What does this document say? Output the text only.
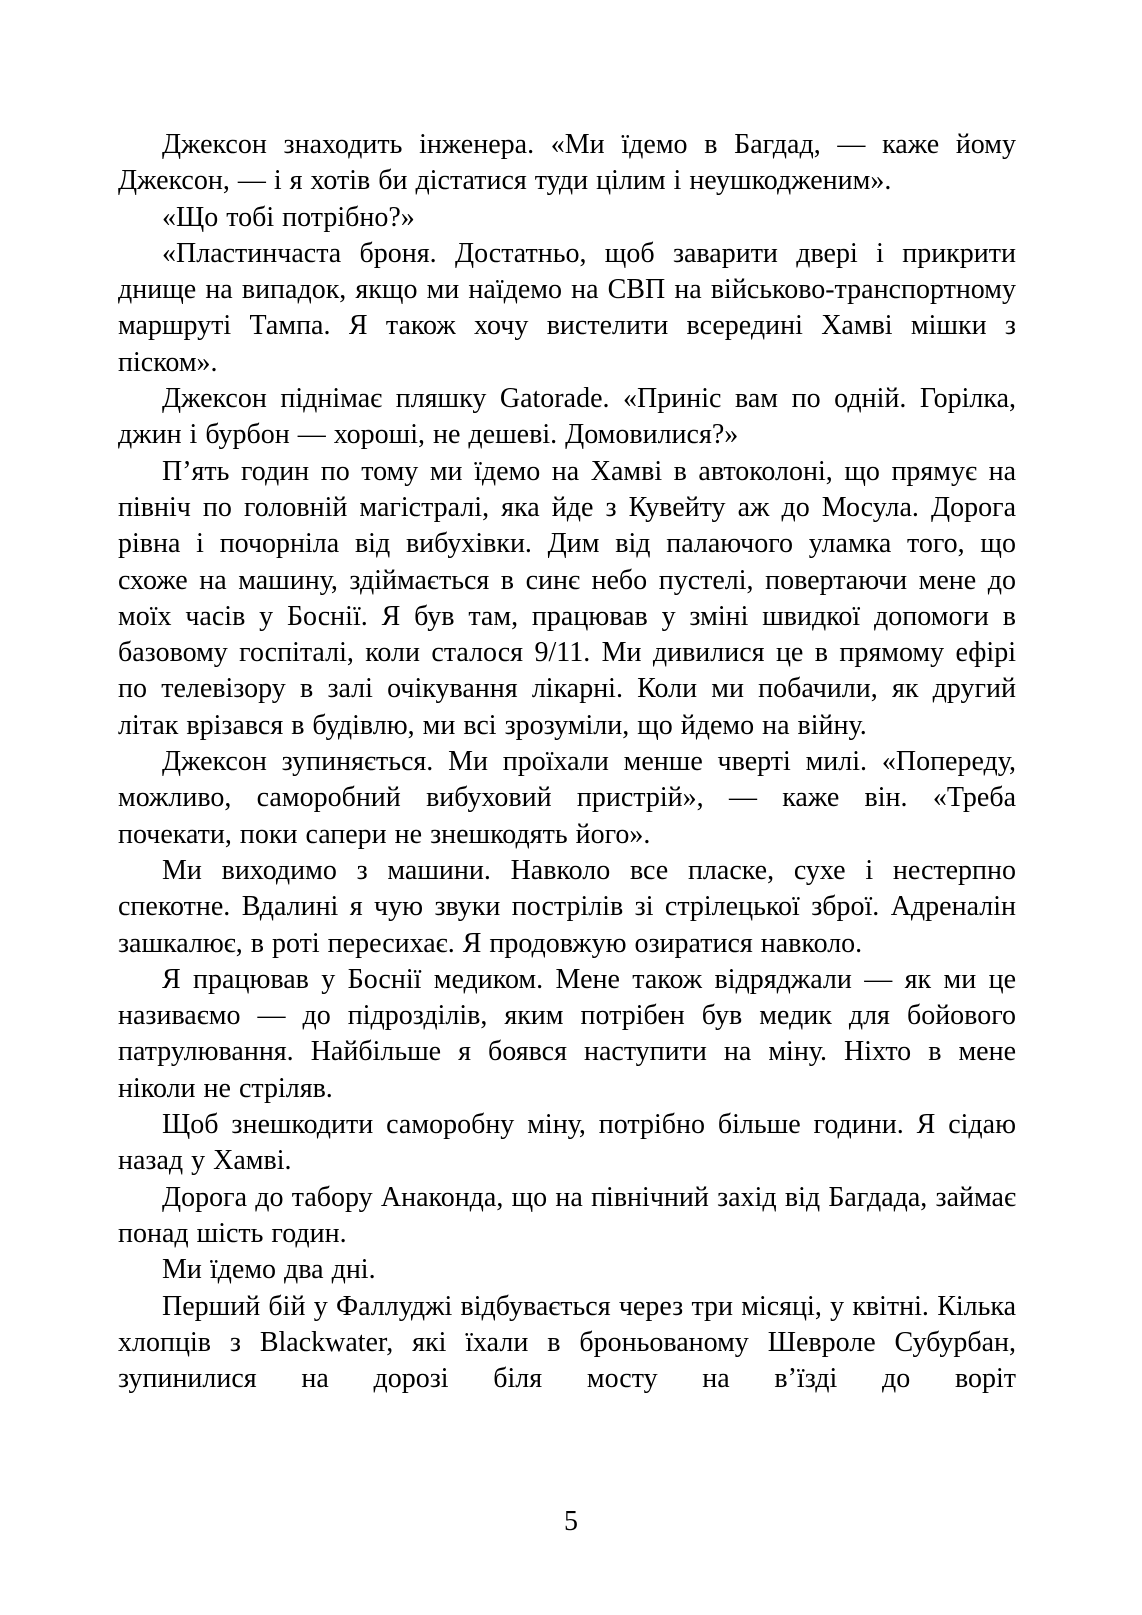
Джексон знаходить інженера. «Ми їдемо в Багдад, — каже йому Джексон, — і я хотів би дістатися туди цілим і неушкодженим».

«Що тобі потрібно?»

«Пластинчаста броня. Достатньо, щоб заварити двері і прикрити днище на випадок, якщо ми наїдемо на СВП на військово-транспортному маршруті Тампа. Я також хочу вистелити всередині Хамві мішки з піском».

Джексон піднімає пляшку Gatorade. «Приніс вам по одній. Горілка, джин і бурбон — хороші, не дешеві. Домовилися?»

П’ять годин по тому ми їдемо на Хамві в автоколоні, що прямує на північ по головній магістралі, яка йде з Кувейту аж до Мосула. Дорога рівна і почорніла від вибухівки. Дим від палаючого уламка того, що схоже на машину, здіймається в синє небо пустелі, повертаючи мене до моїх часів у Боснії. Я був там, працював у зміні швидкої допомоги в базовому госпіталі, коли сталося 9/11. Ми дивилися це в прямому ефірі по телевізору в залі очікування лікарні. Коли ми побачили, як другий літак врізався в будівлю, ми всі зрозуміли, що йдемо на війну.

Джексон зупиняється. Ми проїхали менше чверті милі. «Попереду, можливо, саморобний вибуховий пристрій», — каже він. «Треба почекати, поки сапери не знешкодять його».

Ми виходимо з машини. Навколо все пласке, сухе і нестерпно спекотне. Вдалині я чую звуки пострілів зі стрілецької зброї. Адреналін зашкалює, в роті пересихає. Я продовжую озиратися навколо.

Я працював у Боснії медиком. Мене також відряджали — як ми це називаємо — до підрозділів, яким потрібен був медик для бойового патрулювання. Найбільше я боявся наступити на міну. Ніхто в мене ніколи не стріляв.

Щоб знешкодити саморобну міну, потрібно більше години. Я сідаю назад у Хамві.

Дорога до табору Анаконда, що на північний захід від Багдада, займає понад шість годин.

Ми їдемо два дні.

Перший бій у Фаллуджі відбувається через три місяці, у квітні. Кілька хлопців з Blackwater, які їхали в броньованому Шевроле Субурбан, зупинилися на дорозі біля мосту на в’їзді до воріт

5
